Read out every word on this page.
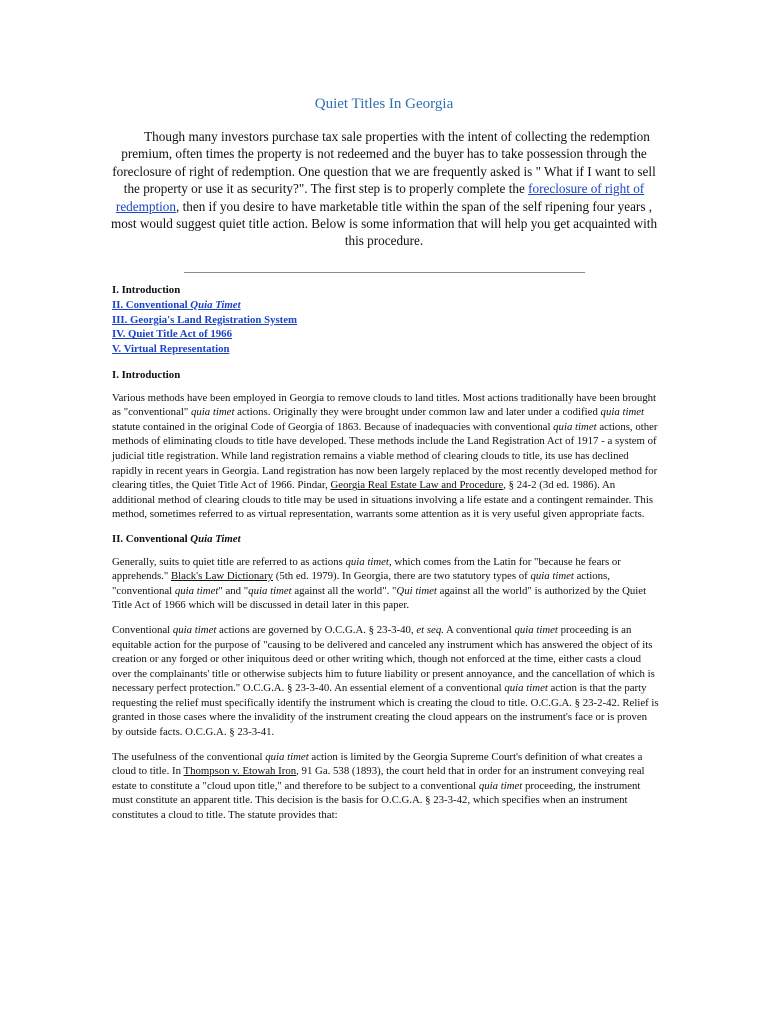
Quiet Titles In Georgia

Though many investors purchase tax sale properties with the intent of collecting the redemption premium, often times the property is not redeemed and the buyer has to take possession through the foreclosure of right of redemption. One question that we are frequently asked is " What if I want to sell the property or use it as security?". The first step is to properly complete the foreclosure of right of redemption, then if you desire to have marketable title within the span of the self ripening four years , most would suggest quiet title action. Below is some information that will help you get acquainted with this procedure.

I. Introduction
II. Conventional Quia Timet
III. Georgia's Land Registration System
IV. Quiet Title Act of 1966
V. Virtual Representation
I. Introduction

Various methods have been employed in Georgia to remove clouds to land titles. Most actions traditionally have been brought as "conventional" quia timet actions. Originally they were brought under common law and later under a codified quia timet statute contained in the original Code of Georgia of 1863. Because of inadequacies with conventional quia timet actions, other methods of eliminating clouds to title have developed. These methods include the Land Registration Act of 1917 - a system of judicial title registration. While land registration remains a viable method of clearing clouds to title, its use has declined rapidly in recent years in Georgia. Land registration has now been largely replaced by the most recently developed method for clearing titles, the Quiet Title Act of 1966. Pindar, Georgia Real Estate Law and Procedure, § 24-2 (3d ed. 1986). An additional method of clearing clouds to title may be used in situations involving a life estate and a contingent remainder. This method, sometimes referred to as virtual representation, warrants some attention as it is very useful given appropriate facts.

II. Conventional Quia Timet

Generally, suits to quiet title are referred to as actions quia timet, which comes from the Latin for "because he fears or apprehends." Black's Law Dictionary (5th ed. 1979). In Georgia, there are two statutory types of quia timet actions, "conventional quia timet" and "quia timet against all the world". "Qui timet against all the world" is authorized by the Quiet Title Act of 1966 which will be discussed in detail later in this paper.

Conventional quia timet actions are governed by O.C.G.A. § 23-3-40, et seq. A conventional quia timet proceeding is an equitable action for the purpose of "causing to be delivered and canceled any instrument which has answered the object of its creation or any forged or other iniquitous deed or other writing which, though not enforced at the time, either casts a cloud over the complainants' title or otherwise subjects him to future liability or present annoyance, and the cancellation of which is necessary perfect protection." O.C.G.A. § 23-3-40. An essential element of a conventional quia timet action is that the party requesting the relief must specifically identify the instrument which is creating the cloud to title. O.C.G.A. § 23-2-42. Relief is granted in those cases where the invalidity of the instrument creating the cloud appears on the instrument's face or is proven by outside facts. O.C.G.A. § 23-3-41.

The usefulness of the conventional quia timet action is limited by the Georgia Supreme Court's definition of what creates a cloud to title. In Thompson v. Etowah Iron, 91 Ga. 538 (1893), the court held that in order for an instrument conveying real estate to constitute a "cloud upon title," and therefore to be subject to a conventional quia timet proceeding, the instrument must constitute an apparent title. This decision is the basis for O.C.G.A. § 23-3-42, which specifies when an instrument constitutes a cloud to title. The statute provides that:
